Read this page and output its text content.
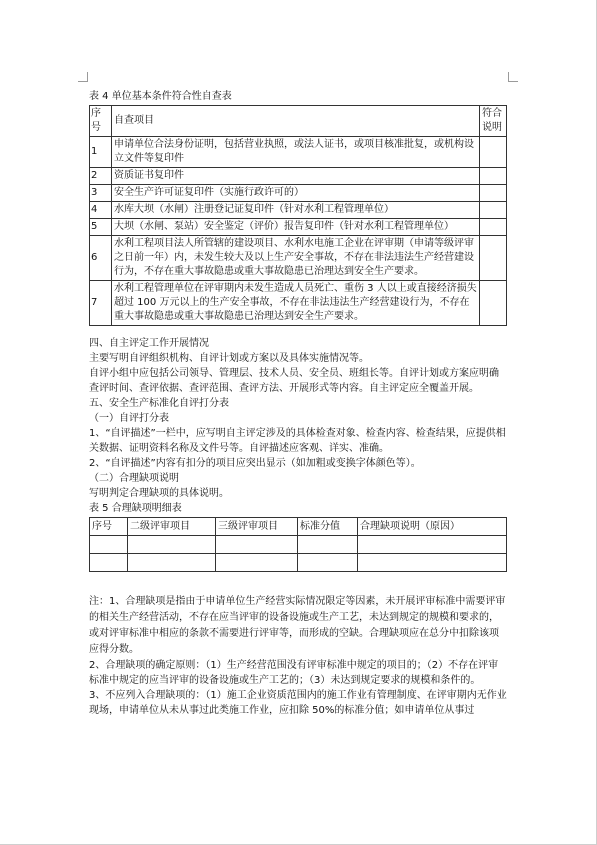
表 4 单位基本条件符合性自查表

序号	自查项目	符合说明
1	申请单位合法身份证明，包括营业执照，或法人证书，或项目核准批复，或机构设立文件等复印件	
2	资质证书复印件	
3	安全生产许可证复印件（实施行政许可的）	
4	水库大坝（水闸）注册登记证复印件（针对水利工程管理单位）	
5	大坝（水闸、泵站）安全鉴定（评价）报告复印件（针对水利工程管理单位）	
6	水利工程项目法人所管辖的建设项目、水利水电施工企业在评审期（申请等级评审之日前一年）内，未发生较大及以上生产安全事故，不存在非法违法生产经营建设行为，不存在重大事故隐患或重大事故隐患已治理达到安全生产要求。	
7	水利工程管理单位在评审期内未发生造成人员死亡、重伤 3 人以上或直接经济损失超过 100 万元以上的生产安全事故，不存在非法违法生产经营建设行为，不存在重大事故隐患或重大事故隐患已治理达到安全生产要求。	

四、自主评定工作开展情况

主要写明自评组织机构、自评计划或方案以及具体实施情况等。

自评小组中应包括公司领导、管理层、技术人员、安全员、班组长等。自评计划或方案应明确查评时间、查评依据、查评范围、查评方法、开展形式等内容。自主评定应全覆盖开展。

五、安全生产标准化自评打分表

（一）自评打分表

1、“自评描述”一栏中，应写明自主评定涉及的具体检查对象、检查内容、检查结果，应提供相关数据、证明资料名称及文件号等。自评描述应客观、详实、准确。

2、“自评描述”内容有扣分的项目应突出显示（如加粗或变换字体颜色等）。

（二）合理缺项说明

写明判定合理缺项的具体说明。

表 5 合理缺项明细表

序号	二级评审项目	三级评审项目	标准分值	合理缺项说明（原因）

注：1、合理缺项是指由于申请单位生产经营实际情况限定等因素，未开展评审标准中需要评审的相关生产经营活动，不存在应当评审的设备设施或生产工艺，未达到规定的规模和要求的，或对评审标准中相应的条款不需要进行评审等，而形成的空缺。合理缺项应在总分中扣除该项应得分数。

2、合理缺项的确定原则：（1）生产经营范围没有评审标准中规定的项目的；（2）不存在评审标准中规定的应当评审的设备设施或生产工艺的；（3）未达到规定要求的规模和条件的。

3、不应列入合理缺项的：（1）施工企业资质范围内的施工作业有管理制度、在评审期内无作业现场，申请单位从未从事过此类施工作业，应扣除 50%的标准分值；如申请单位从事过
